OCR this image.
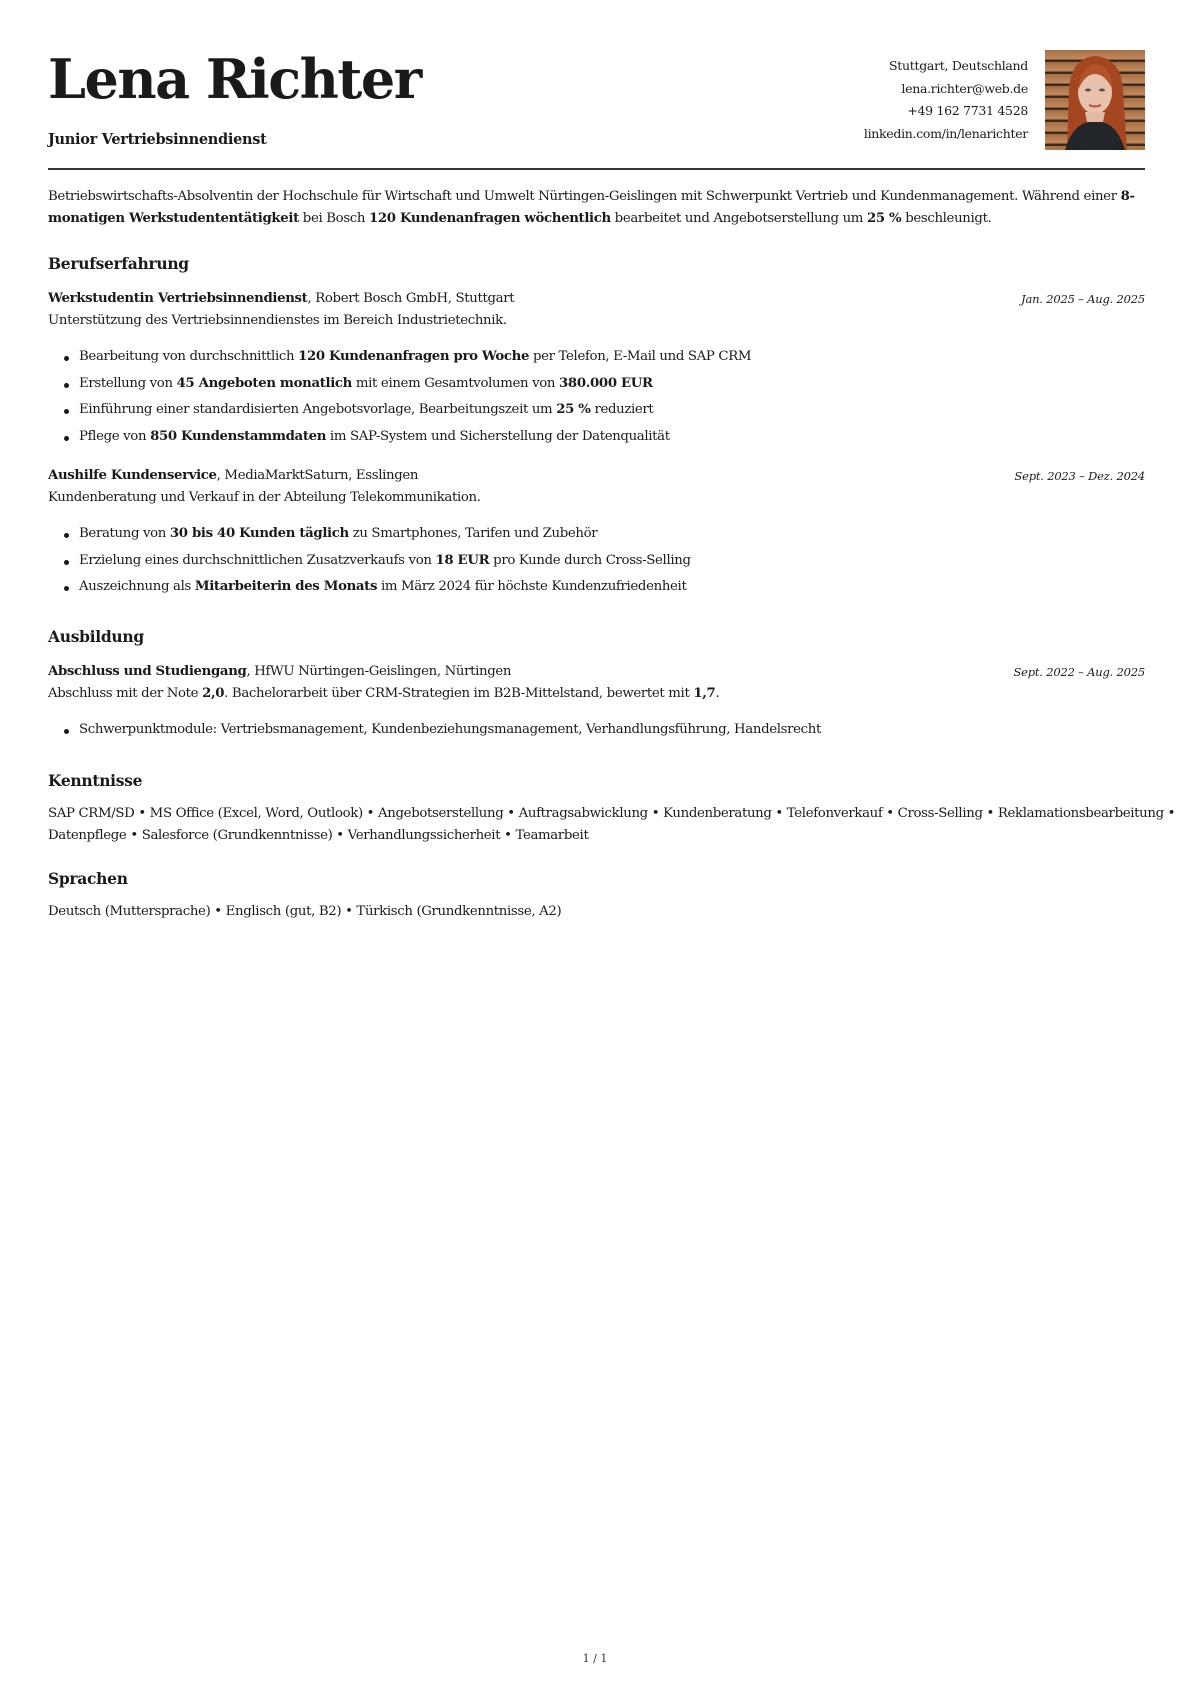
Lena Richter
Junior Vertriebsinnendienst
Stuttgart, Deutschland
lena.richter@web.de
+49 162 7731 4528
linkedin.com/in/lenarichter
Betriebswirtschafts-Absolventin der Hochschule für Wirtschaft und Umwelt Nürtingen-Geislingen mit Schwerpunkt Vertrieb und Kundenmanagement. Während einer 8-monatigen Werkstudententätigkeit bei Bosch 120 Kundenanfragen wöchentlich bearbeitet und Angebotserstellung um 25 % beschleunigt.
Berufserfahrung
Werkstudentin Vertriebsinnendienst, Robert Bosch GmbH, Stuttgart	Jan. 2025 – Aug. 2025
Unterstützung des Vertriebsinnendienstes im Bereich Industrietechnik.
Bearbeitung von durchschnittlich 120 Kundenanfragen pro Woche per Telefon, E-Mail und SAP CRM
Erstellung von 45 Angeboten monatlich mit einem Gesamtvolumen von 380.000 EUR
Einführung einer standardisierten Angebotsvorlage, Bearbeitungszeit um 25 % reduziert
Pflege von 850 Kundenstammdaten im SAP-System und Sicherstellung der Datenqualität
Aushilfe Kundenservice, MediaMarktSaturn, Esslingen	Sept. 2023 – Dez. 2024
Kundenberatung und Verkauf in der Abteilung Telekommunikation.
Beratung von 30 bis 40 Kunden täglich zu Smartphones, Tarifen und Zubehör
Erzielung eines durchschnittlichen Zusatzverkaufs von 18 EUR pro Kunde durch Cross-Selling
Auszeichnung als Mitarbeiterin des Monats im März 2024 für höchste Kundenzufriedenheit
Ausbildung
Abschluss und Studiengang, HfWU Nürtingen-Geislingen, Nürtingen	Sept. 2022 – Aug. 2025
Abschluss mit der Note 2,0. Bachelorarbeit über CRM-Strategien im B2B-Mittelstand, bewertet mit 1,7.
Schwerpunktmodule: Vertriebsmanagement, Kundenbeziehungsmanagement, Verhandlungsführung, Handelsrecht
Kenntnisse
SAP CRM/SD • MS Office (Excel, Word, Outlook) • Angebotserstellung • Auftragsabwicklung • Kundenberatung • Telefonverkauf • Cross-Selling • Reklamationsbearbeitung •
Datenpflege • Salesforce (Grundkenntnisse) • Verhandlungssicherheit • Teamarbeit
Sprachen
Deutsch (Muttersprache) • Englisch (gut, B2) • Türkisch (Grundkenntnisse, A2)
1 / 1
